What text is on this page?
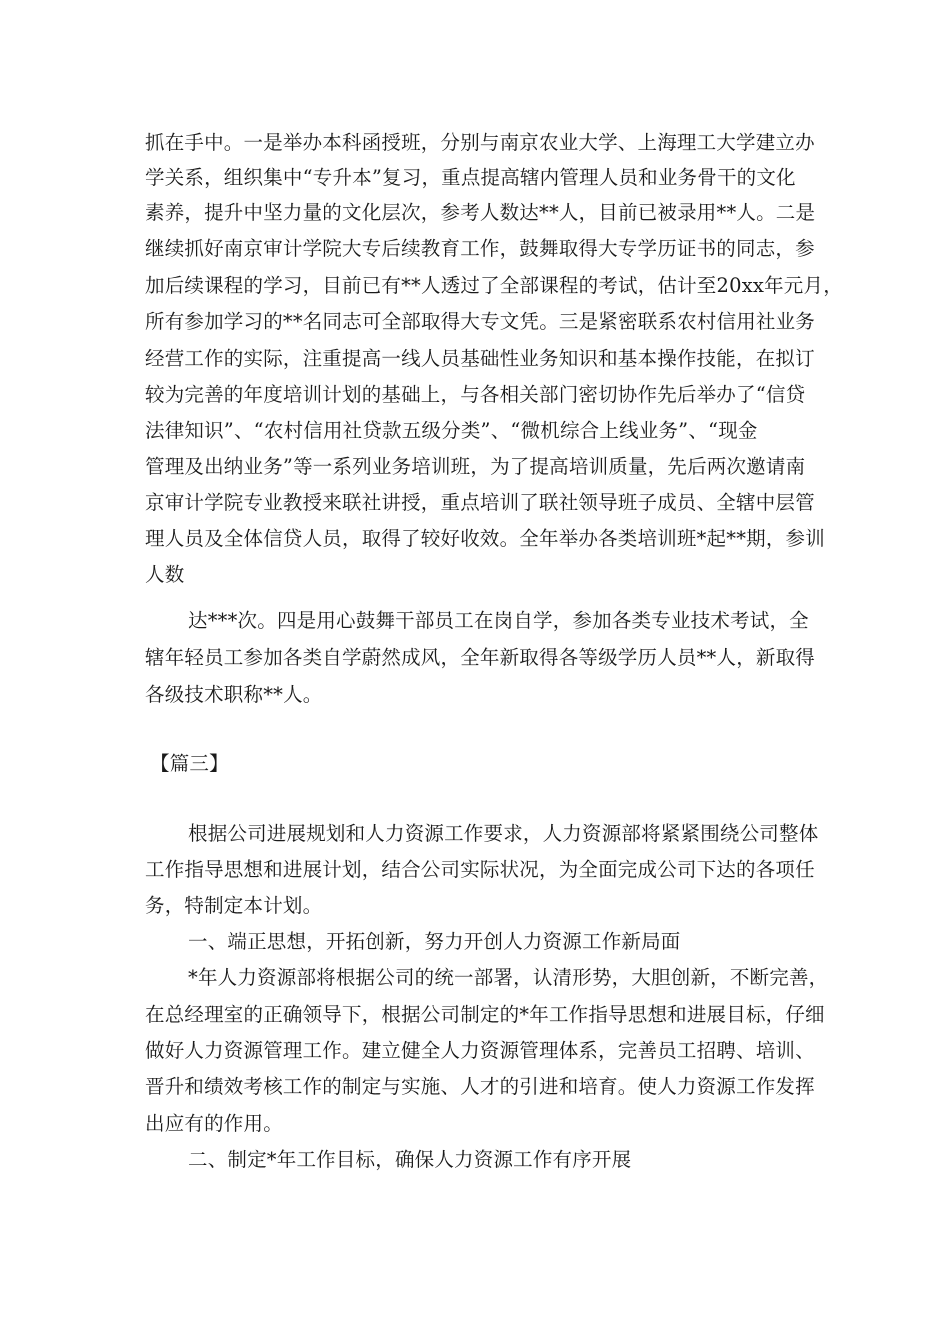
抓在手中。一是举办本科函授班，分别与南京农业大学、上海理工大学建立办
学关系，组织集中“专升本”复习，重点提高辖内管理人员和业务骨干的文化
素养，提升中坚力量的文化层次，参考人数达**人，目前已被录用**人。二是
继续抓好南京审计学院大专后续教育工作，鼓舞取得大专学历证书的同志，参
加后续课程的学习，目前已有**人透过了全部课程的考试，估计至20xx年元月，
所有参加学习的**名同志可全部取得大专文凭。三是紧密联系农村信用社业务
经营工作的实际，注重提高一线人员基础性业务知识和基本操作技能，在拟订
较为完善的年度培训计划的基础上，与各相关部门密切协作先后举办了“信贷
法律知识”、“农村信用社贷款五级分类”、“微机综合上线业务”、“现金
管理及出纳业务”等一系列业务培训班，为了提高培训质量，先后两次邀请南
京审计学院专业教授来联社讲授，重点培训了联社领导班子成员、全辖中层管
理人员及全体信贷人员，取得了较好收效。全年举办各类培训班*起**期，参训
人数
达***次。四是用心鼓舞干部员工在岗自学，参加各类专业技术考试，全
辖年轻员工参加各类自学蔚然成风，全年新取得各等级学历人员**人，新取得
各级技术职称**人。
【篇三】
根据公司进展规划和人力资源工作要求，人力资源部将紧紧围绕公司整体
工作指导思想和进展计划，结合公司实际状况，为全面完成公司下达的各项任
务，特制定本计划。
一、端正思想，开拓创新，努力开创人力资源工作新局面
*年人力资源部将根据公司的统一部署，认清形势，大胆创新，不断完善，
在总经理室的正确领导下，根据公司制定的*年工作指导思想和进展目标，仔细
做好人力资源管理工作。建立健全人力资源管理体系，完善员工招聘、培训、
晋升和绩效考核工作的制定与实施、人才的引进和培育。使人力资源工作发挥
出应有的作用。
二、制定*年工作目标，确保人力资源工作有序开展
